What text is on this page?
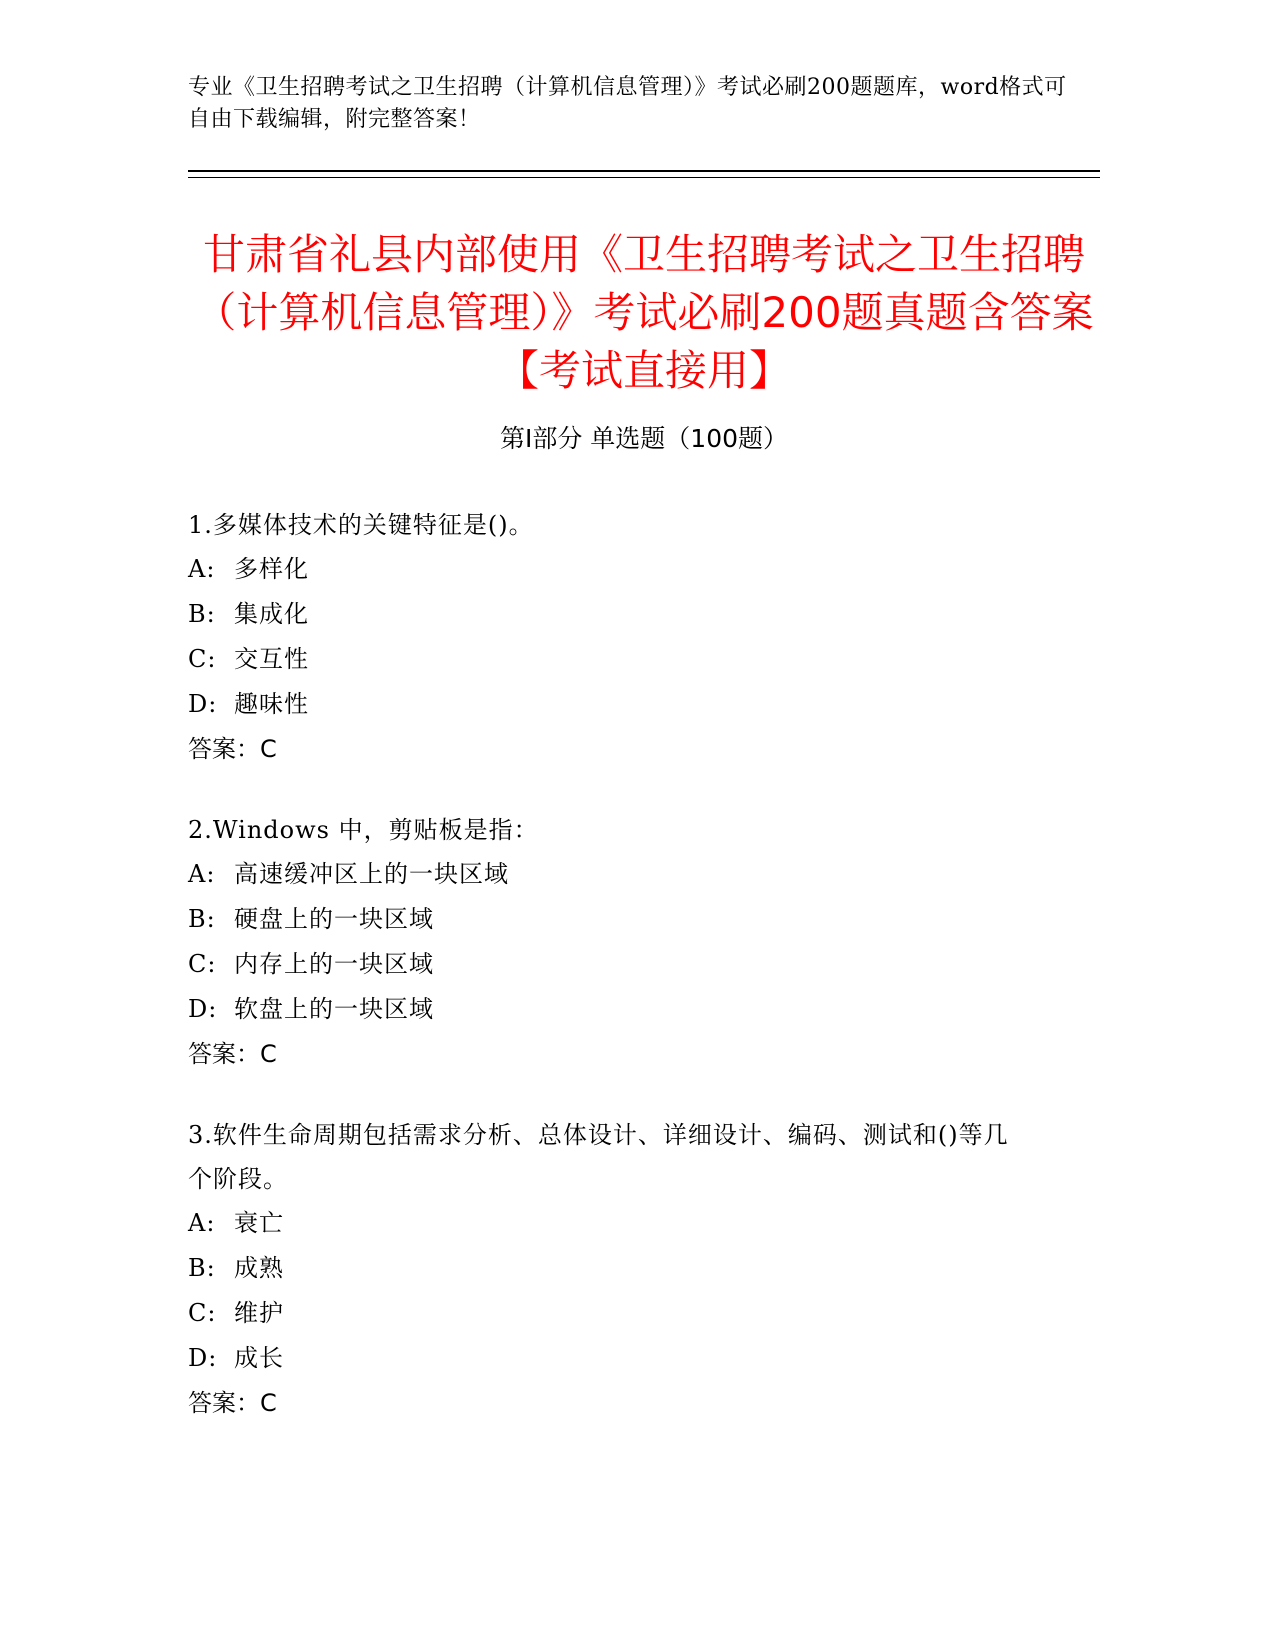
专业《卫生招聘考试之卫生招聘（计算机信息管理）》考试必刷200题题库，word格式可自由下载编辑，附完整答案！
甘肃省礼县内部使用《卫生招聘考试之卫生招聘（计算机信息管理）》考试必刷200题真题含答案【考试直接用】
第Ⅰ部分 单选题（100题）
1.多媒体技术的关键特征是()。
A: 多样化
B: 集成化
C: 交互性
D: 趣味性
答案：C
2.Windows 中，剪贴板是指：
A: 高速缓冲区上的一块区域
B: 硬盘上的一块区域
C: 内存上的一块区域
D: 软盘上的一块区域
答案：C
3.软件生命周期包括需求分析、总体设计、详细设计、编码、测试和()等几个阶段。
A: 衰亡
B: 成熟
C: 维护
D: 成长
答案：C
